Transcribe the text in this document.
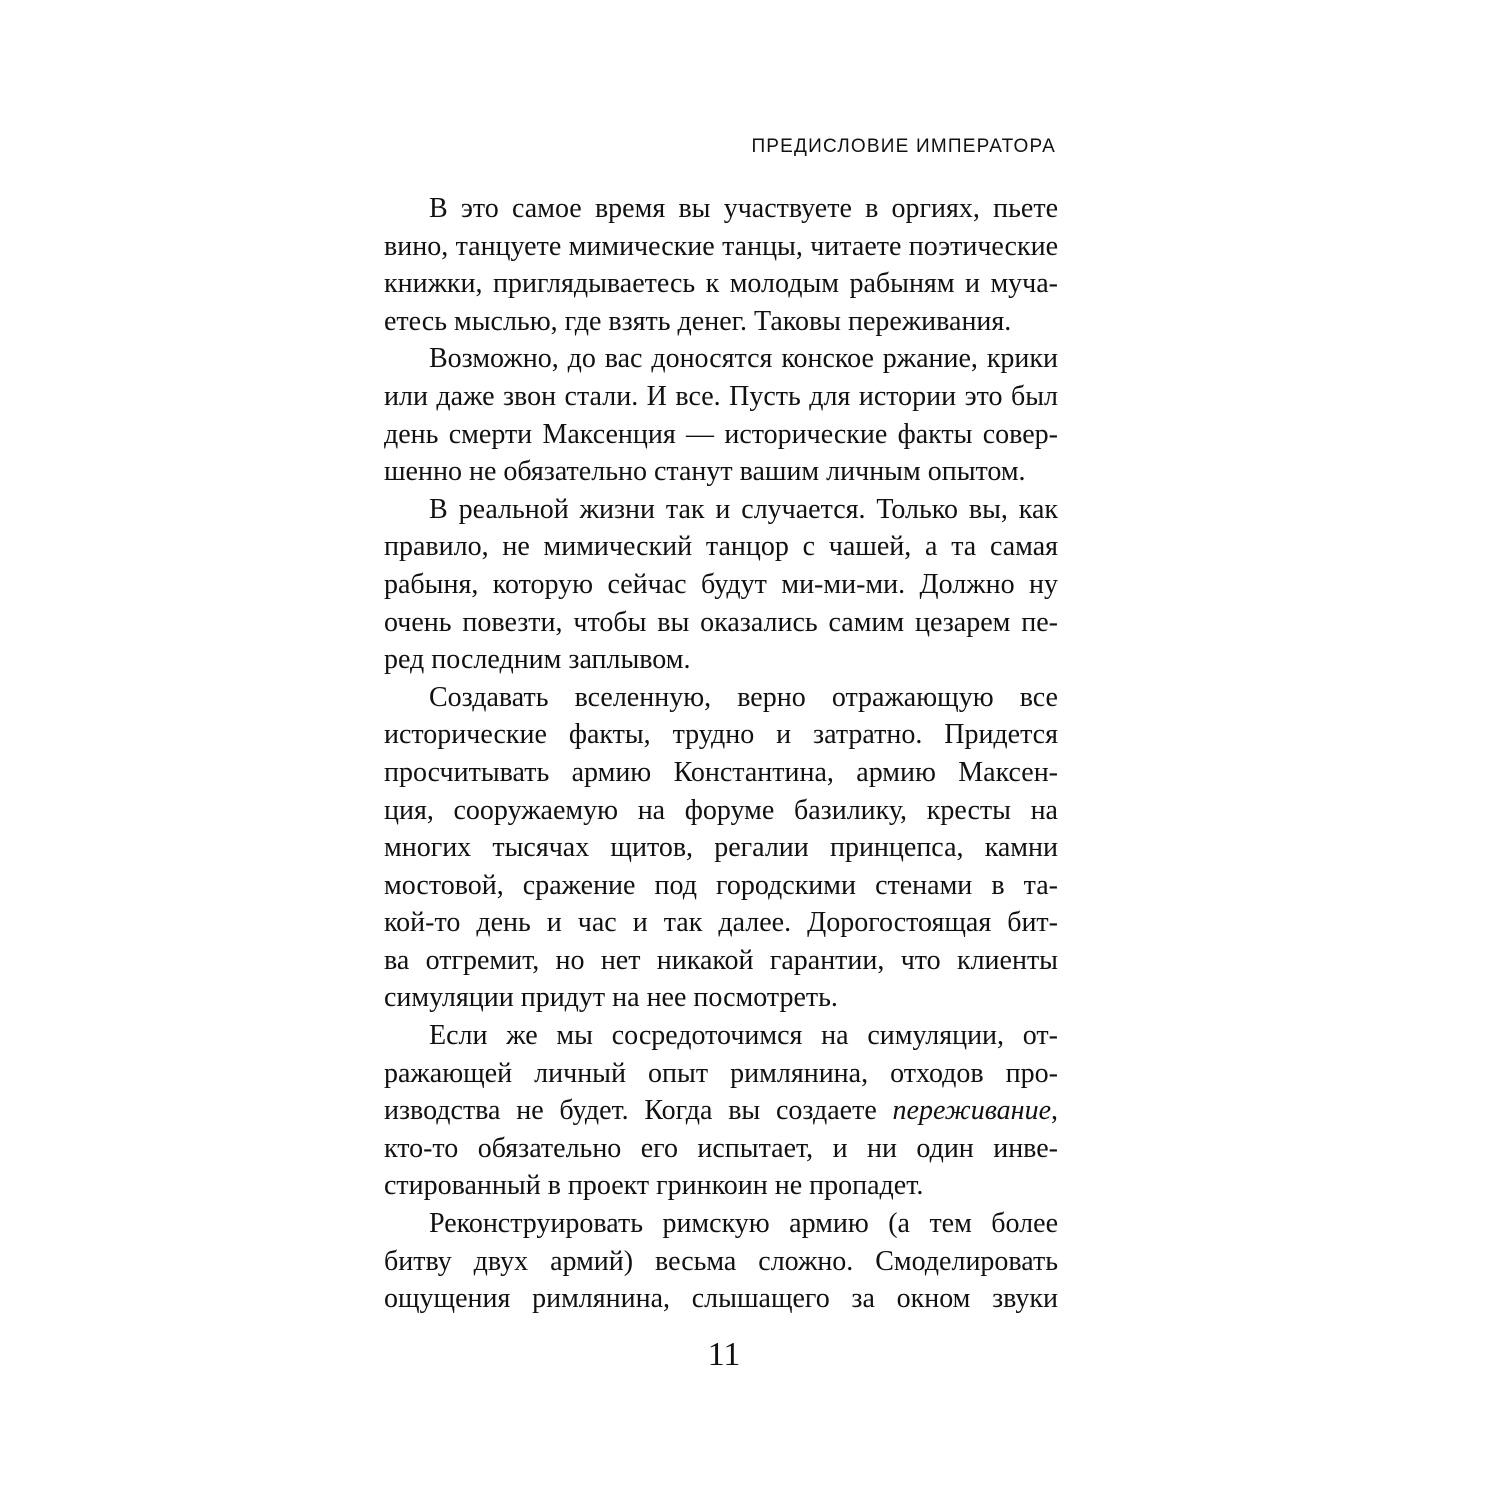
ПРЕДИСЛОВИЕ ИМПЕРАТОРА
В это самое время вы участвуете в оргиях, пьете
вино, танцуете мимические танцы, читаете поэтические
книжки, приглядываетесь к молодым рабыням и муча-
етесь мыслью, где взять денег. Таковы переживания.
Возможно, до вас доносятся конское ржание, крики
или даже звон стали. И все. Пусть для истории это был
день смерти Максенция — исторические факты совер-
шенно не обязательно станут вашим личным опытом.
В реальной жизни так и случается. Только вы, как
правило, не мимический танцор с чашей, а та самая
рабыня, которую сейчас будут ми-ми-ми. Должно ну
очень повезти, чтобы вы оказались самим цезарем пе-
ред последним заплывом.
Создавать вселенную, верно отражающую все
исторические факты, трудно и затратно. Придется
просчитывать армию Константина, армию Максен-
ция, сооружаемую на форуме базилику, кресты на
многих тысячах щитов, регалии принцепса, камни
мостовой, сражение под городскими стенами в та-
кой-то день и час и так далее. Дорогостоящая бит-
ва отгремит, но нет никакой гарантии, что клиенты
симуляции придут на нее посмотреть.
Если же мы сосредоточимся на симуляции, от-
ражающей личный опыт римлянина, отходов про-
изводства не будет. Когда вы создаете переживание,
кто-то обязательно его испытает, и ни один инве-
стированный в проект гринкоин не пропадет.
Реконструировать римскую армию (а тем более
битву двух армий) весьма сложно. Смоделировать
ощущения римлянина, слышащего за окном звуки
11
